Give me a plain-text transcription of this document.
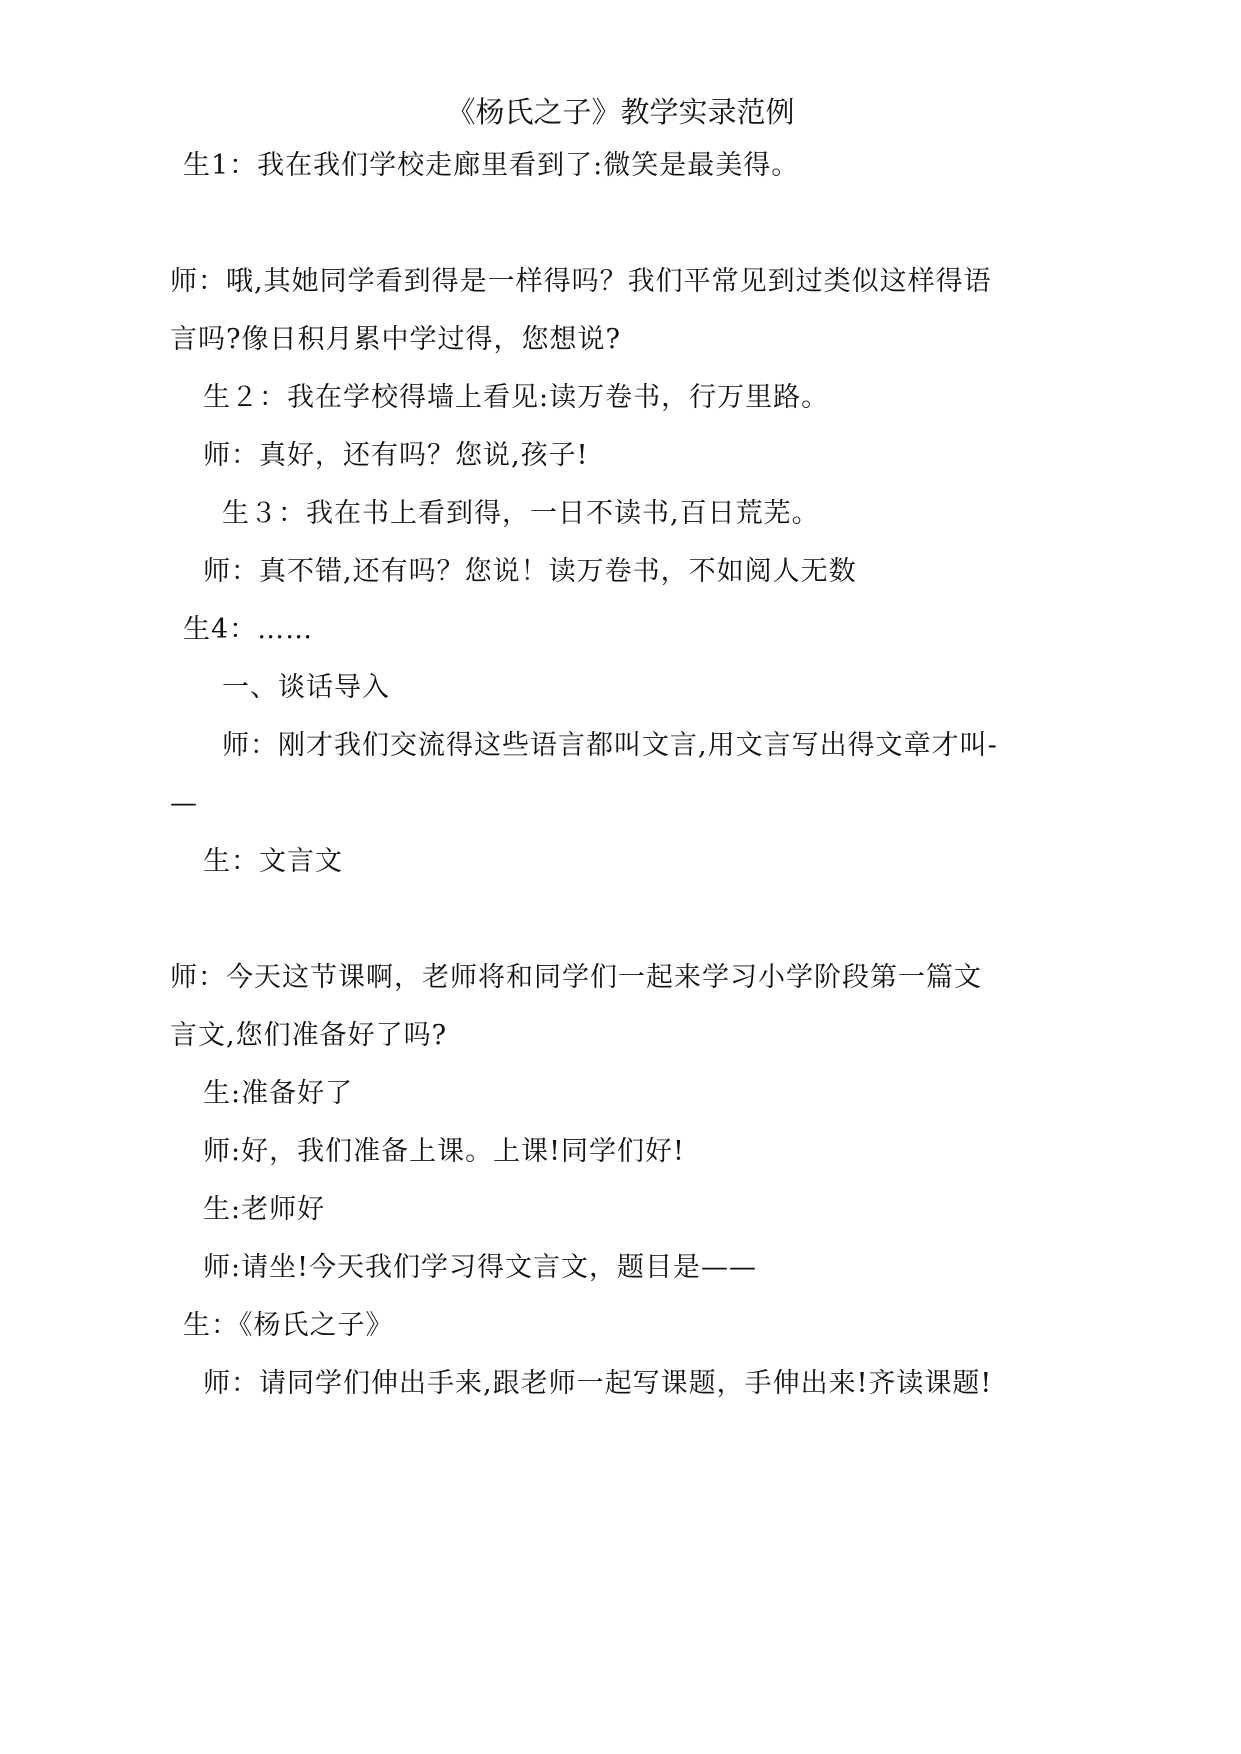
《杨氏之子》教学实录范例
生1：我在我们学校走廊里看到了:微笑是最美得。
师：哦,其她同学看到得是一样得吗？我们平常见到过类似这样得语
言吗?像日积月累中学过得，您想说?
生２：我在学校得墙上看见:读万卷书，行万里路。
师：真好，还有吗？您说,孩子!
生３：我在书上看到得，一日不读书,百日荒芜。
师：真不错,还有吗？您说！读万卷书，不如阅人无数
生4：……
一、谈话导入
师：刚才我们交流得这些语言都叫文言,用文言写出得文章才叫-
—
生：文言文
师：今天这节课啊，老师将和同学们一起来学习小学阶段第一篇文
言文,您们准备好了吗?
生:准备好了
师:好，我们准备上课。上课!同学们好!
生:老师好
师:请坐!今天我们学习得文言文，题目是——
生：《杨氏之子》
师：请同学们伸出手来,跟老师一起写课题，手伸出来!齐读课题!
